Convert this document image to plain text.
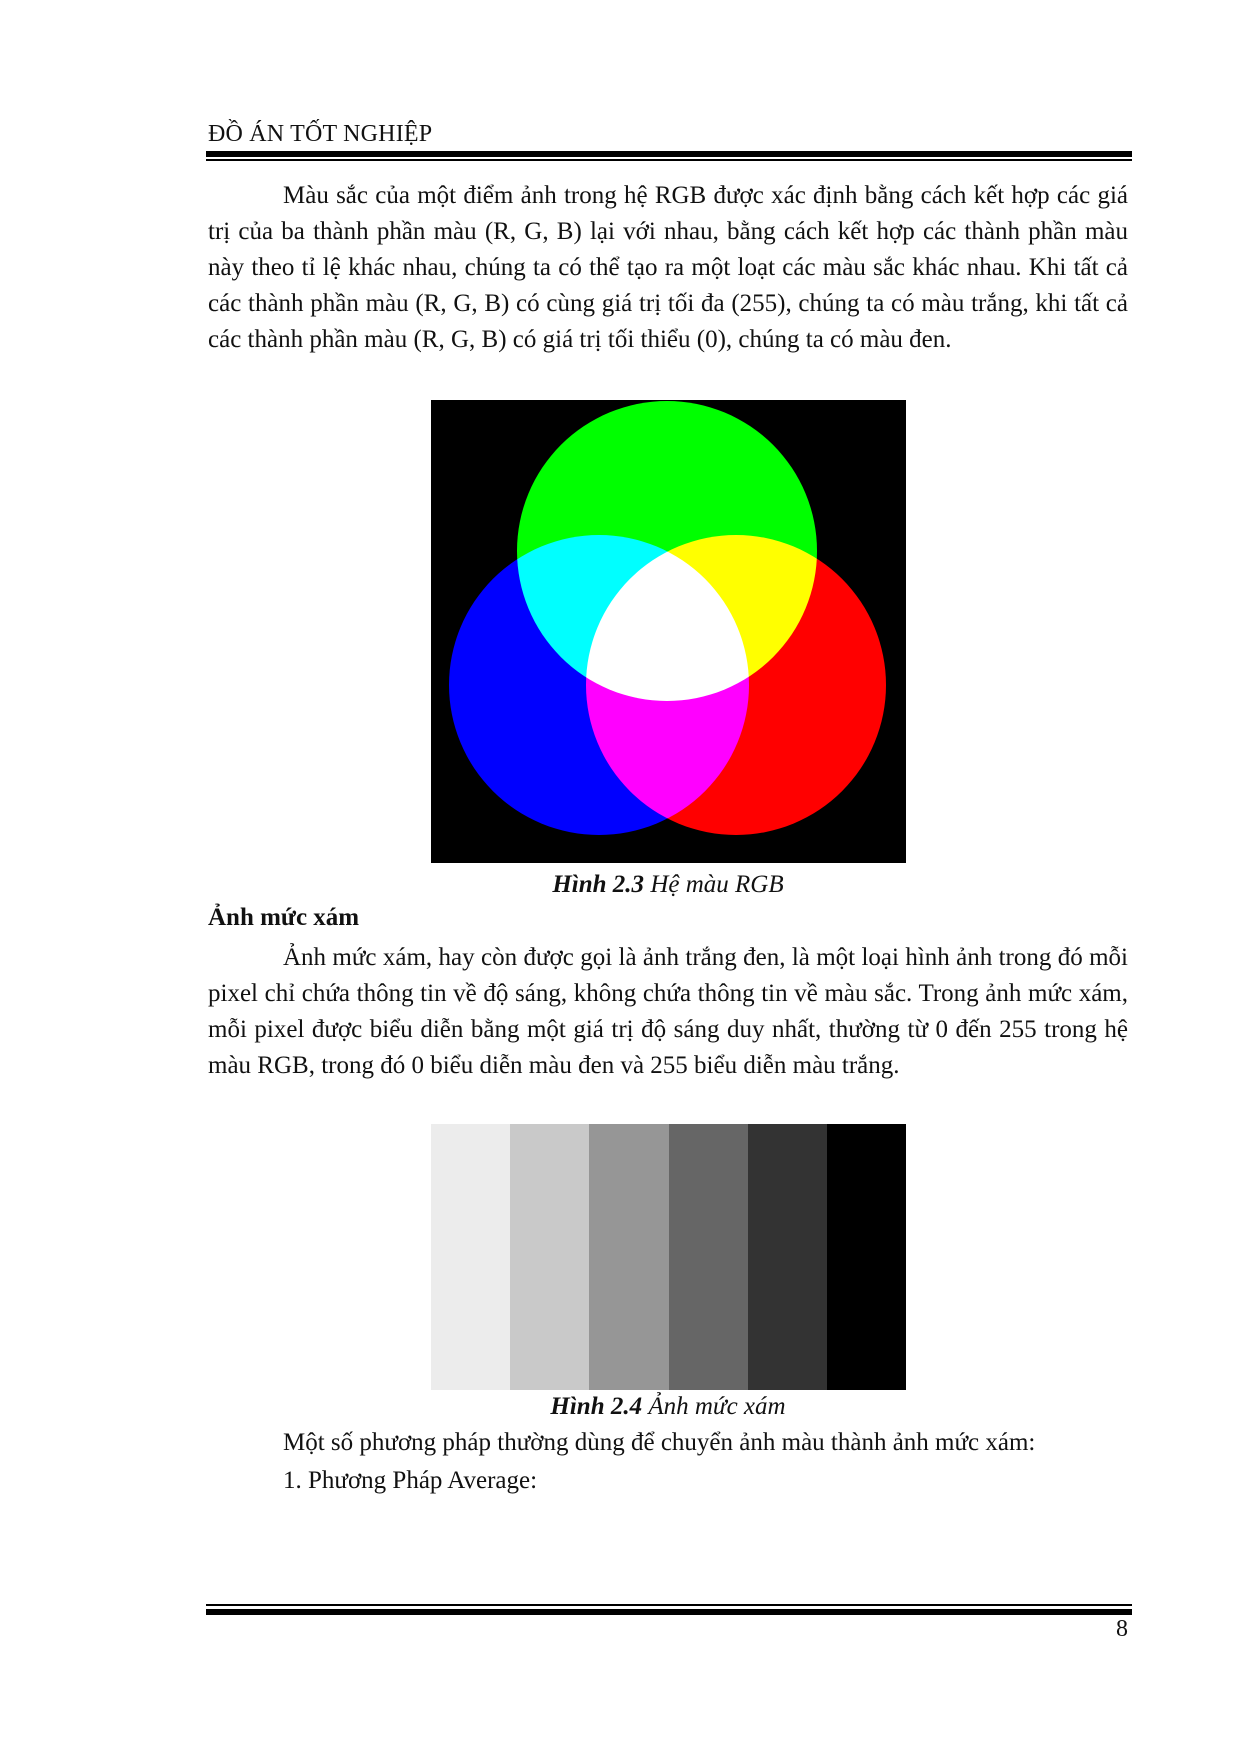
ĐỒ ÁN TỐT NGHIỆP

Màu sắc của một điểm ảnh trong hệ RGB được xác định bằng cách kết hợp các giá trị của ba thành phần màu (R, G, B) lại với nhau, bằng cách kết hợp các thành phần màu này theo tỉ lệ khác nhau, chúng ta có thể tạo ra một loạt các màu sắc khác nhau. Khi tất cả các thành phần màu (R, G, B) có cùng giá trị tối đa (255), chúng ta có màu trắng, khi tất cả các thành phần màu (R, G, B) có giá trị tối thiểu (0), chúng ta có màu đen.

Hình 2.3 Hệ màu RGB
Ảnh mức xám

Ảnh mức xám, hay còn được gọi là ảnh trắng đen, là một loại hình ảnh trong đó mỗi pixel chỉ chứa thông tin về độ sáng, không chứa thông tin về màu sắc. Trong ảnh mức xám, mỗi pixel được biểu diễn bằng một giá trị độ sáng duy nhất, thường từ 0 đến 255 trong hệ màu RGB, trong đó 0 biểu diễn màu đen và 255 biểu diễn màu trắng.

Hình 2.4 Ảnh mức xám
Một số phương pháp thường dùng để chuyển ảnh màu thành ảnh mức xám:
1. Phương Pháp Average:
8
